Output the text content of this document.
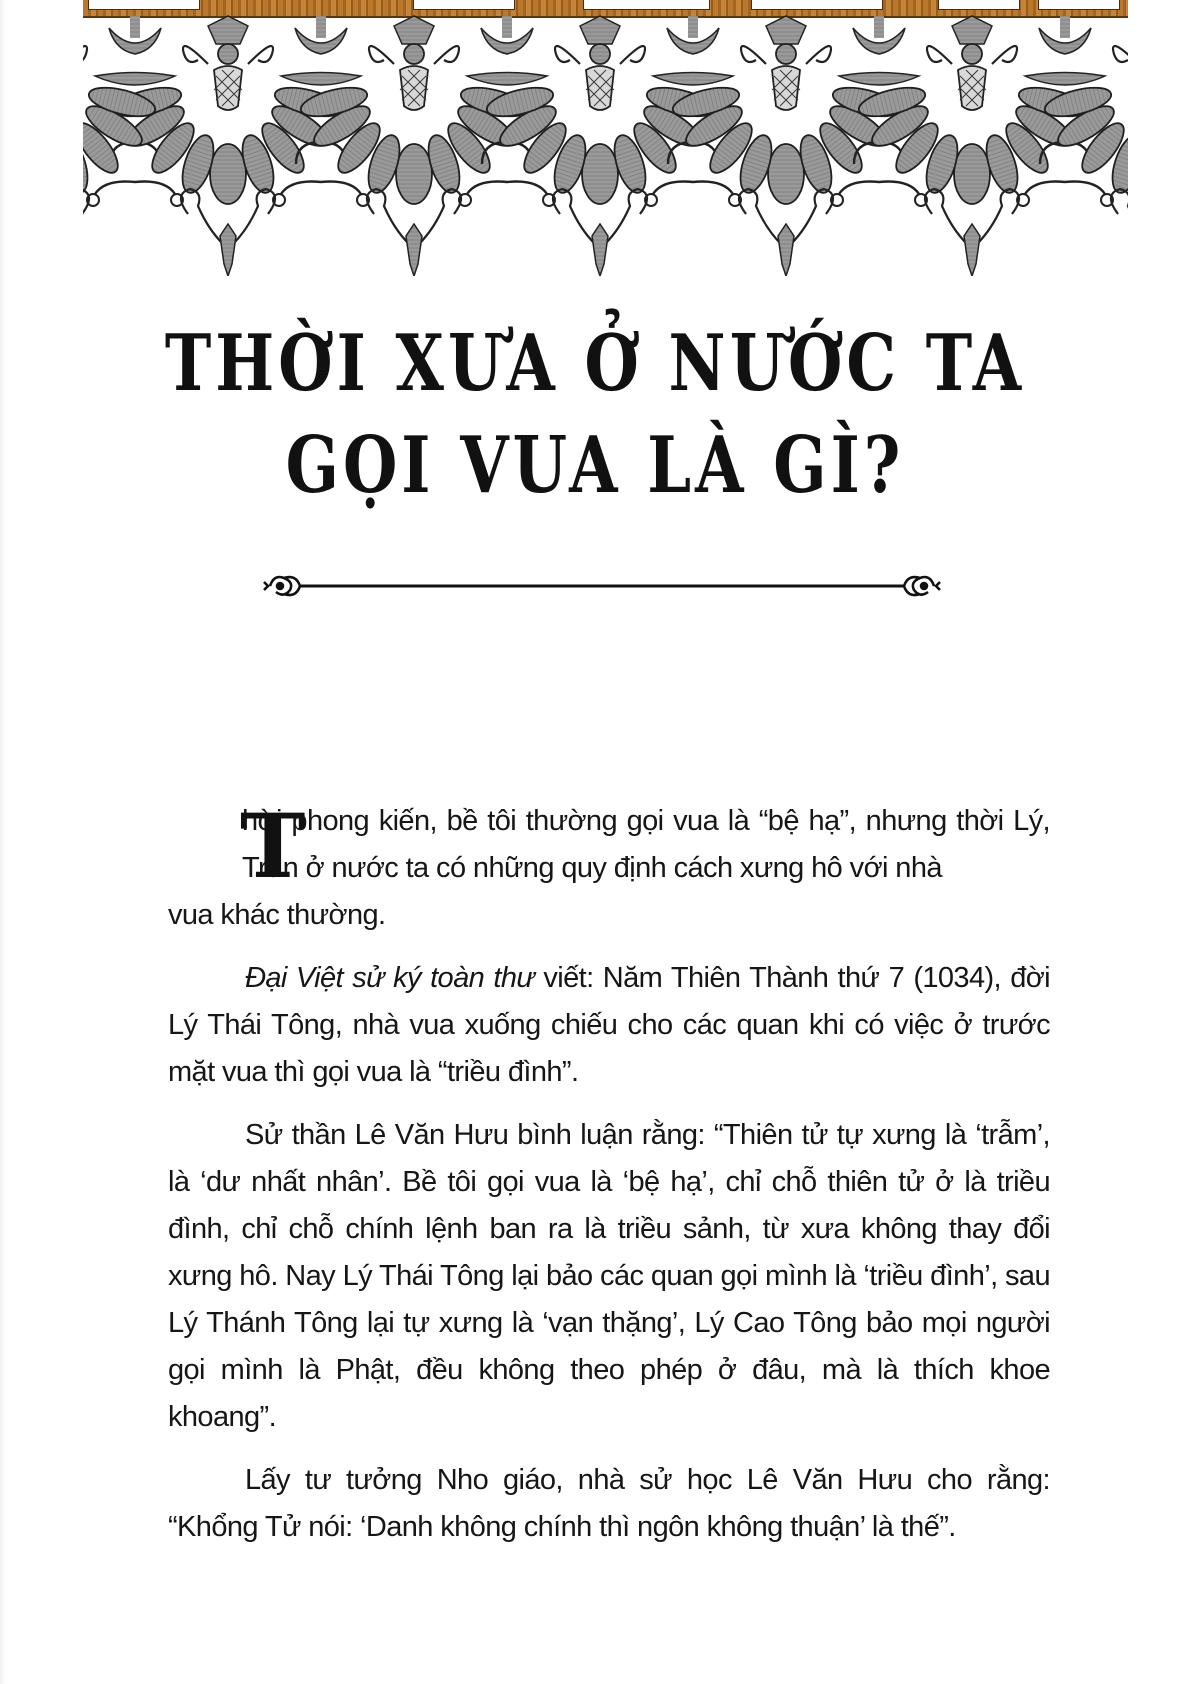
THỜI XƯA Ở NƯỚC TA
GỌI VUA LÀ GÌ?

T
hời phong kiến, bề tôi thường gọi vua là “bệ hạ”, nhưng thời Lý, Trần ở nước ta có những quy định cách xưng hô với nhà
vua khác thường.

Đại Việt sử ký toàn thư viết: Năm Thiên Thành thứ 7 (1034), đời Lý Thái Tông, nhà vua xuống chiếu cho các quan khi có việc ở trước mặt vua thì gọi vua là “triều đình”.

Sử thần Lê Văn Hưu bình luận rằng: “Thiên tử tự xưng là ‘trẫm’, là ‘dư nhất nhân’. Bề tôi gọi vua là ‘bệ hạ’, chỉ chỗ thiên tử ở là triều đình, chỉ chỗ chính lệnh ban ra là triều sảnh, từ xưa không thay đổi xưng hô. Nay Lý Thái Tông lại bảo các quan gọi mình là ‘triều đình’, sau Lý Thánh Tông lại tự xưng là ‘vạn thặng’, Lý Cao Tông bảo mọi người gọi mình là Phật, đều không theo phép ở đâu, mà là thích khoe khoang”.

Lấy tư tưởng Nho giáo, nhà sử học Lê Văn Hưu cho rằng: “Khổng Tử nói: ‘Danh không chính thì ngôn không thuận’ là thế”.
